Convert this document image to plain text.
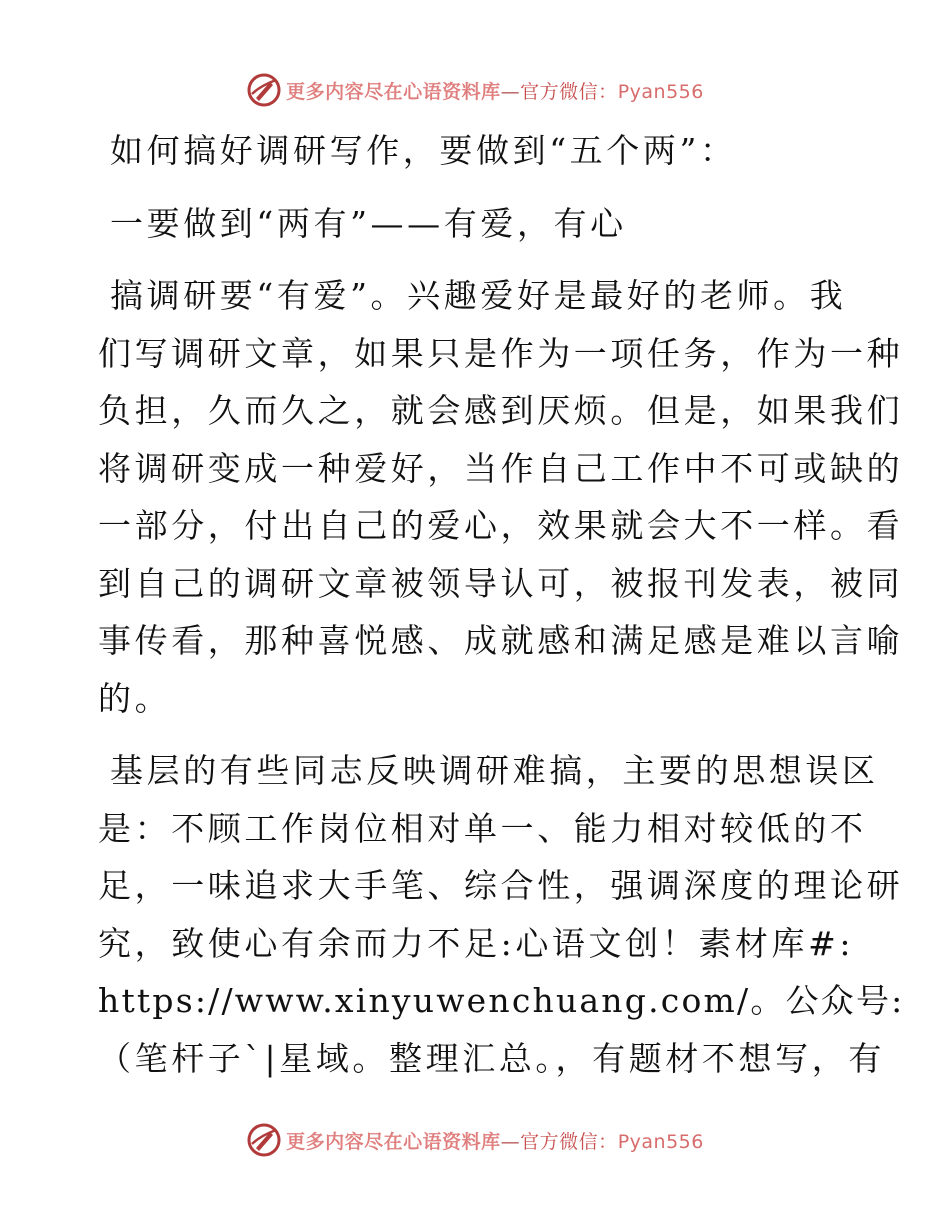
更多内容尽在心语资料库—官方微信：Pyan556

如何搞好调研写作，要做到“五个两”：

一要做到“两有”——有爱，有心

搞调研要“有爱”。兴趣爱好是最好的老师。我

们写调研文章，如果只是作为一项任务，作为一种

负担，久而久之，就会感到厌烦。但是，如果我们

将调研变成一种爱好，当作自己工作中不可或缺的

一部分，付出自己的爱心，效果就会大不一样。看

到自己的调研文章被领导认可，被报刊发表，被同

事传看，那种喜悦感、成就感和满足感是难以言喻

的。

基层的有些同志反映调研难搞，主要的思想误区

是：不顾工作岗位相对单一、能力相对较低的不

足，一味追求大手笔、综合性，强调深度的理论研

究，致使心有余而力不足:心语文创！素材库#:

https://www.xinyuwenchuang.com/。公众号:

（笔杆子`|星域。整理汇总。，有题材不想写，有

更多内容尽在心语资料库—官方微信：Pyan556
